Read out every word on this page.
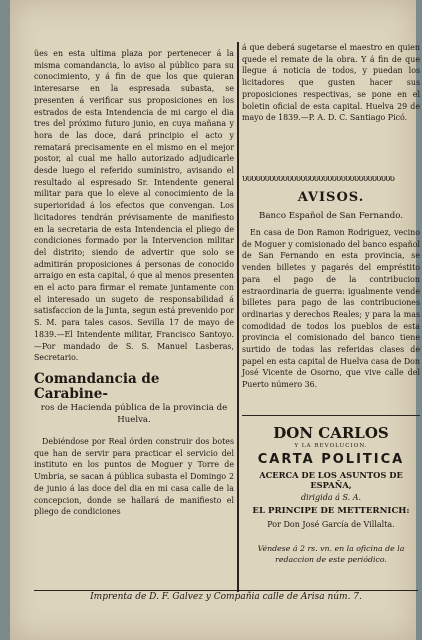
ües en esta ultima plaza por pertenecer á la misma comandancia, lo aviso al público para su conocimiento, y á fin de que los que quieran interesarse en la espresada subasta, se presenten á verificar sus proposiciones en los estrados de esta Intendencia de mi cargo el dia tres del próximo futuro junio, en cuya mañana y hora de las doce, dará principio el acto y rematará precisamente en el mismo en el mejor postor, al cual me hallo autorizado adjudicarle desde luego el referido suministro, avisando el resultado al espresado Sr. Intendente general militar para que lo eleve al conocimiento de la superioridad á los efectos que convengan. Los licitadores tendrán prévisamente de manifiesto en la secretaria de esta Intendencia el pliego de condiciones formado por la Intervencion militar del distrito; siendo de advertir que solo se admitirán proposiciones á personas de conocido arraigo en esta capital, ó que al menos presenten en el acto para firmar el remate juntamente con el interesado un sugeto de responsabilidad á satisfaccion de la Junta, segun está prevenido por S. M. para tales casos. Sevilla 17 de mayo de 1839.—El Intendente militar, Francisco Santoyo.—Por mandado de S. S. Manuel Lasberas, Secretario.

Comandancia de Carabine-
ros de Hacienda pública de la provincia de Huelva.

Debiéndose por Real órden construir dos botes que han de servir para practicar el servicio del instituto en los puntos de Moguer y Torre de Umbria, se sacan á pública subasta el Domingo 2 de junio á las doce del dia en mi casa calle de la concepcion, donde se hallará de manifiesto el pliego de condiciones

á que deberá sugetarse el maestro en quien quede el remate de la obra. Y á fin de que llegue á noticia de todos, y puedan los licitadores que gusten hacer sus proposiciones respectivas, se pone en el boletin oficial de esta capital. Huelva 29 de mayo de 1839.—P. A. D. C. Santiago Picó.

ʋʋʋʋʋʋʋʋʋʋʋʋʋʋʋʋʋʋʋʋʋʋʋʋʋʋʋʋʋʋʋʋʋʋ
AVISOS.
Banco Español de San Fernando.

En casa de Don Ramon Rodriguez, vecino de Moguer y comisionado del banco español de San Fernando en esta provincia, se venden billetes y pagarés del empréstito para el pago de la contribucion estraordinaria de guerra: igualmente vende billetes para pago de las contribuciones ordinarias y derechos Reales; y para la mas comodidad de todos los pueblos de esta provincia el comisionado del banco tiene surtido de todas las referidas clases de papel en esta capital de Huelva casa de Don José Vicente de Osorno, que vive calle del Puerto número 36.

DON CARLOS
Y LA REVOLUCION.
CARTA POLITICA
ACERCA DE LOS ASUNTOS DE ESPAÑA,
dirigida á S. A.
EL PRINCIPE DE METTERNICH:
Por Don José García de Villalta.
Véndese á 2 rs. vn. en la oficina de la redaccion de este periódico.
Imprenta de D. F. Galvez y Compañia calle de Arisa núm. 7.
